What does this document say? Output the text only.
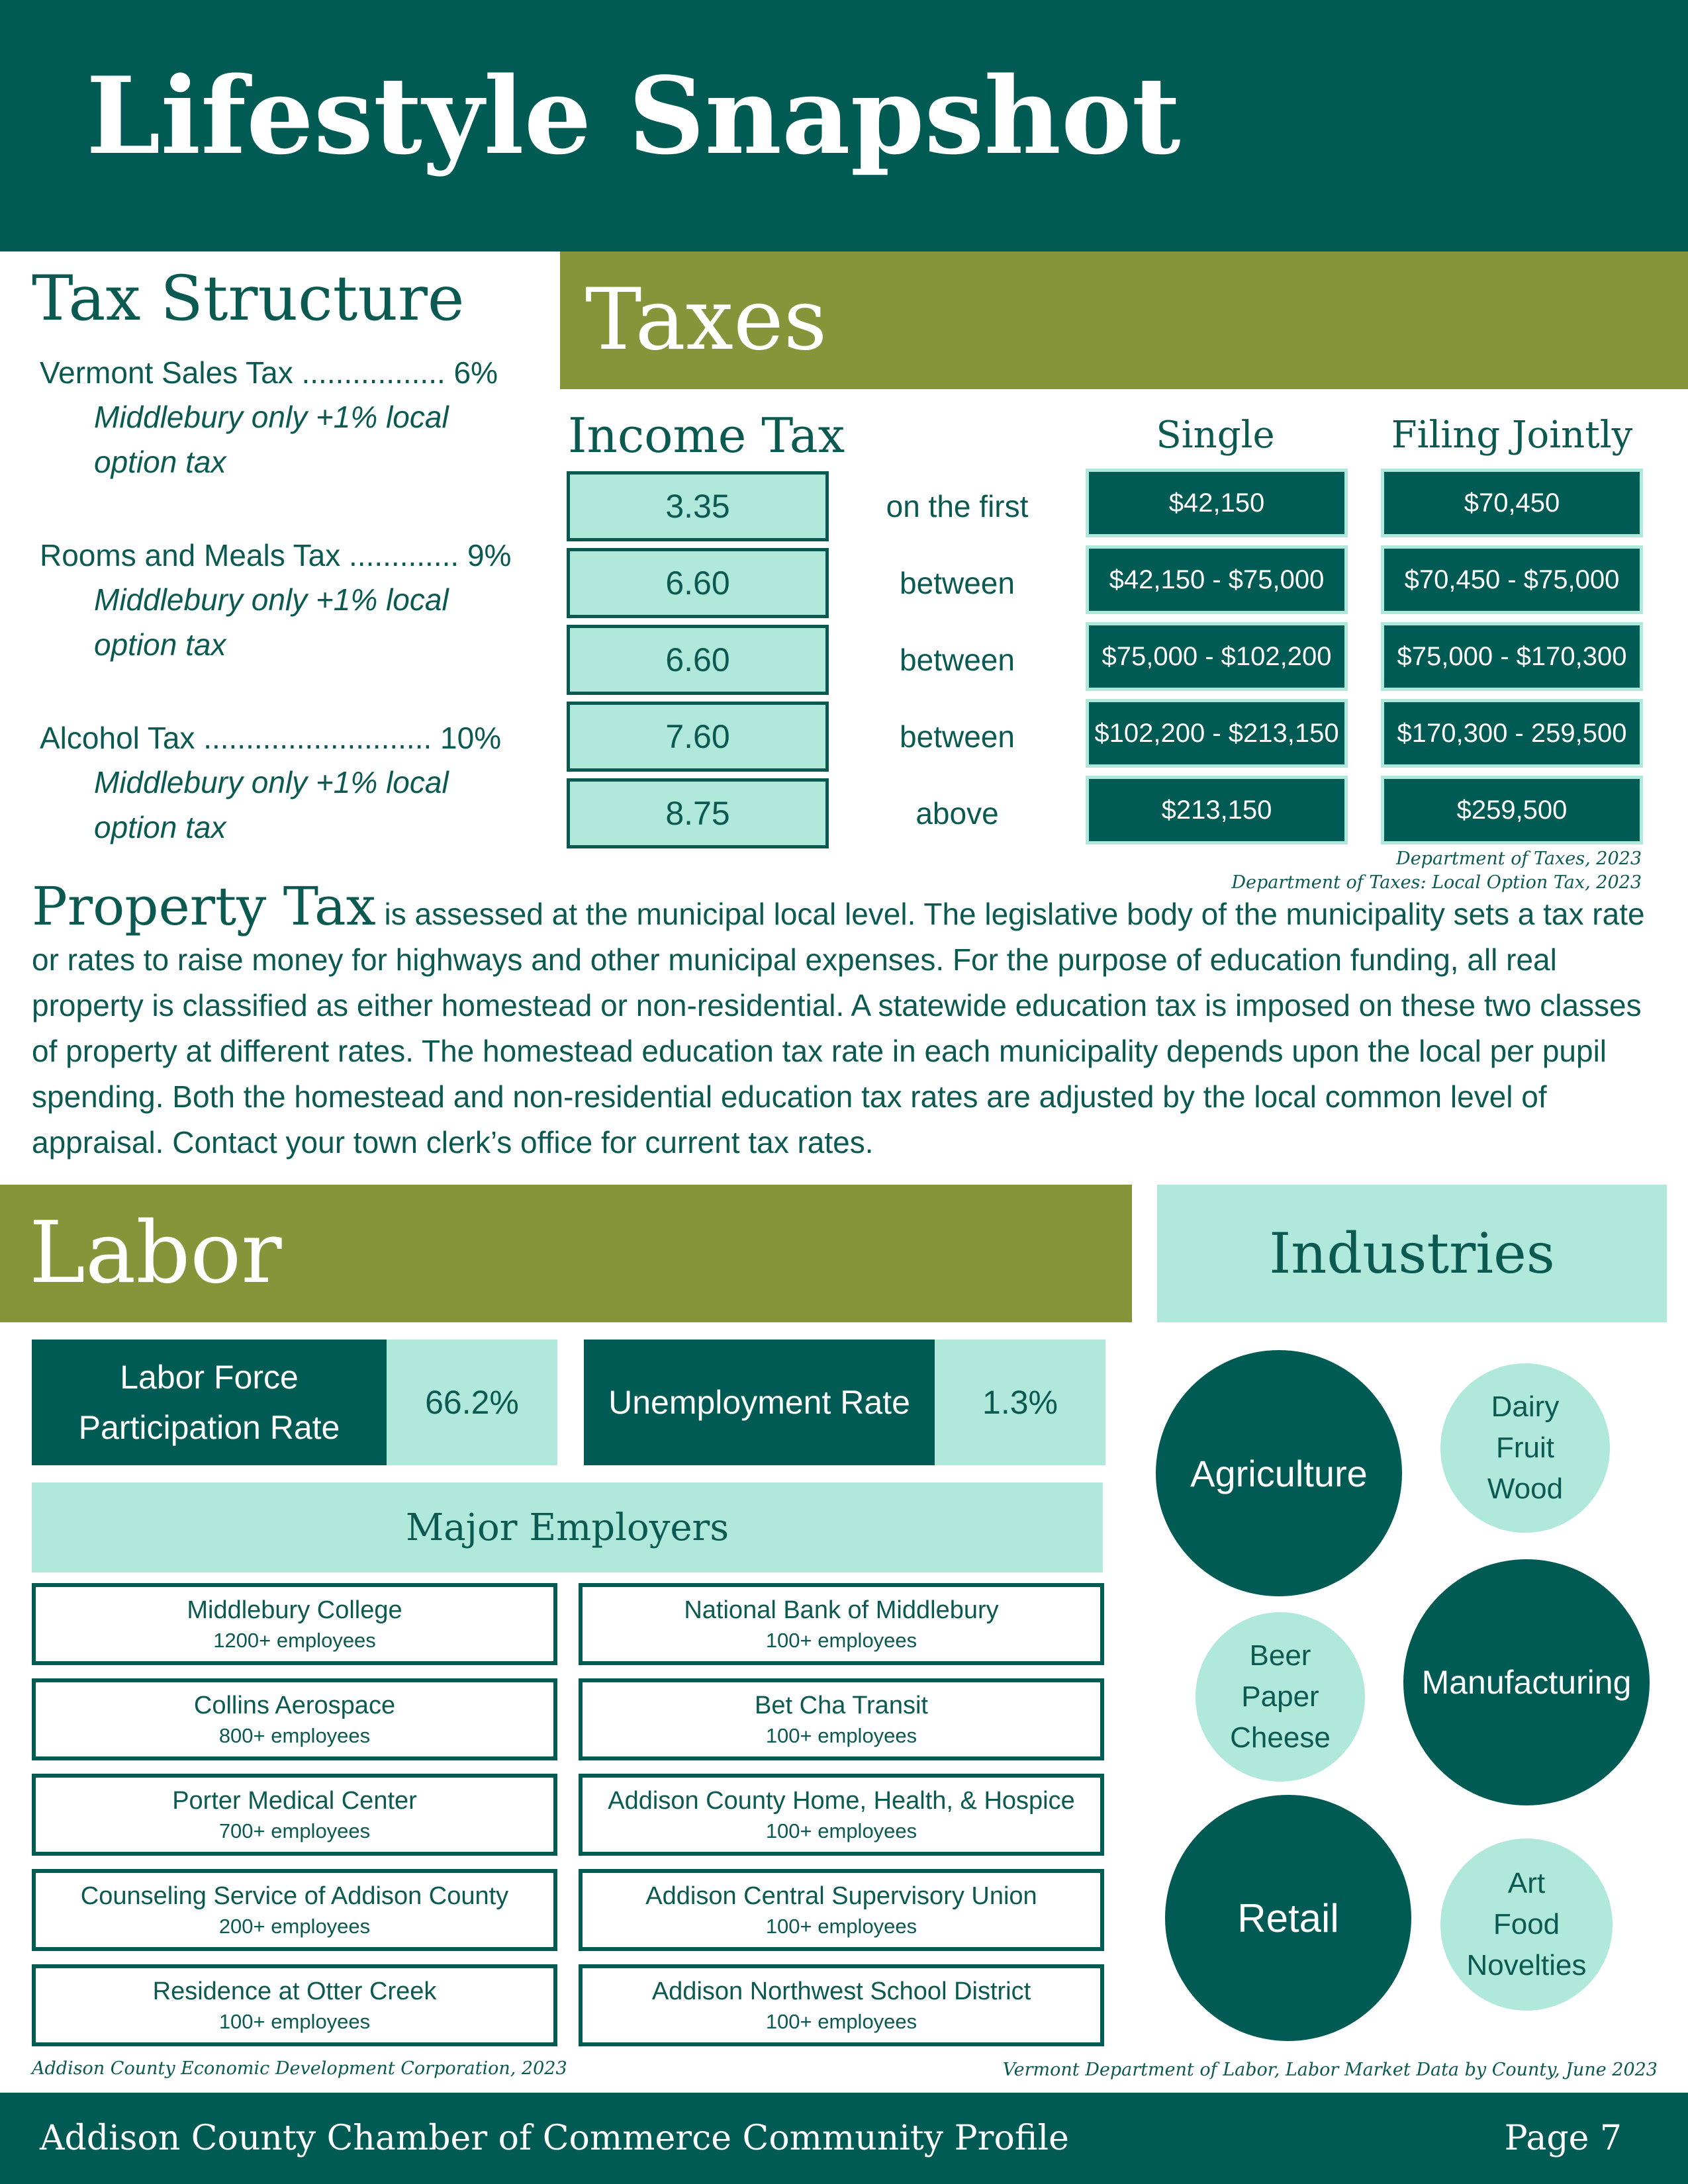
Lifestyle Snapshot
Tax Structure
Vermont Sales Tax ................. 6%
Middlebury only +1% local option tax
Rooms and Meals Tax ............. 9%
Middlebury only +1% local option tax
Alcohol Tax ........................... 10%
Middlebury only +1% local option tax
Taxes
Income Tax	Single	Filing Jointly
3.35	on the first	$42,150	$70,450
6.60	between	$42,150 - $75,000	$70,450 - $75,000
6.60	between	$75,000 - $102,200	$75,000 - $170,300
7.60	between	$102,200 - $213,150	$170,300 - 259,500
8.75	above	$213,150	$259,500
Department of Taxes, 2023
Department of Taxes: Local Option Tax, 2023
Property Tax is assessed at the municipal local level. The legislative body of the municipality sets a tax rate or rates to raise money for highways and other municipal expenses. For the purpose of education funding, all real property is classified as either homestead or non-residential. A statewide education tax is imposed on these two classes of property at different rates. The homestead education tax rate in each municipality depends upon the local per pupil spending. Both the homestead and non-residential education tax rates are adjusted by the local common level of appraisal. Contact your town clerk’s office for current tax rates.
Labor	Industries
Labor Force
Participation Rate
66.2%	Unemployment Rate	1.3%
Major Employers
Middlebury College
1200+ employees
Collins Aerospace
800+ employees
Porter Medical Center
700+ employees
Counseling Service of Addison County
200+ employees
Residence at Otter Creek
100+ employees
National Bank of Middlebury
100+ employees
Bet Cha Transit
100+ employees
Addison County Home, Health, & Hospice
100+ employees
Addison Central Supervisory Union
100+ employees
Addison Northwest School District
100+ employees
Addison County Economic Development Corporation, 2023	Vermont Department of Labor, Labor Market Data by County, June 2023
Agriculture
Dairy
Fruit
Wood
Beer
Paper
Cheese
Manufacturing
Retail
Art
Food
Novelties
Addison County Chamber of Commerce Community Profile	Page 7
